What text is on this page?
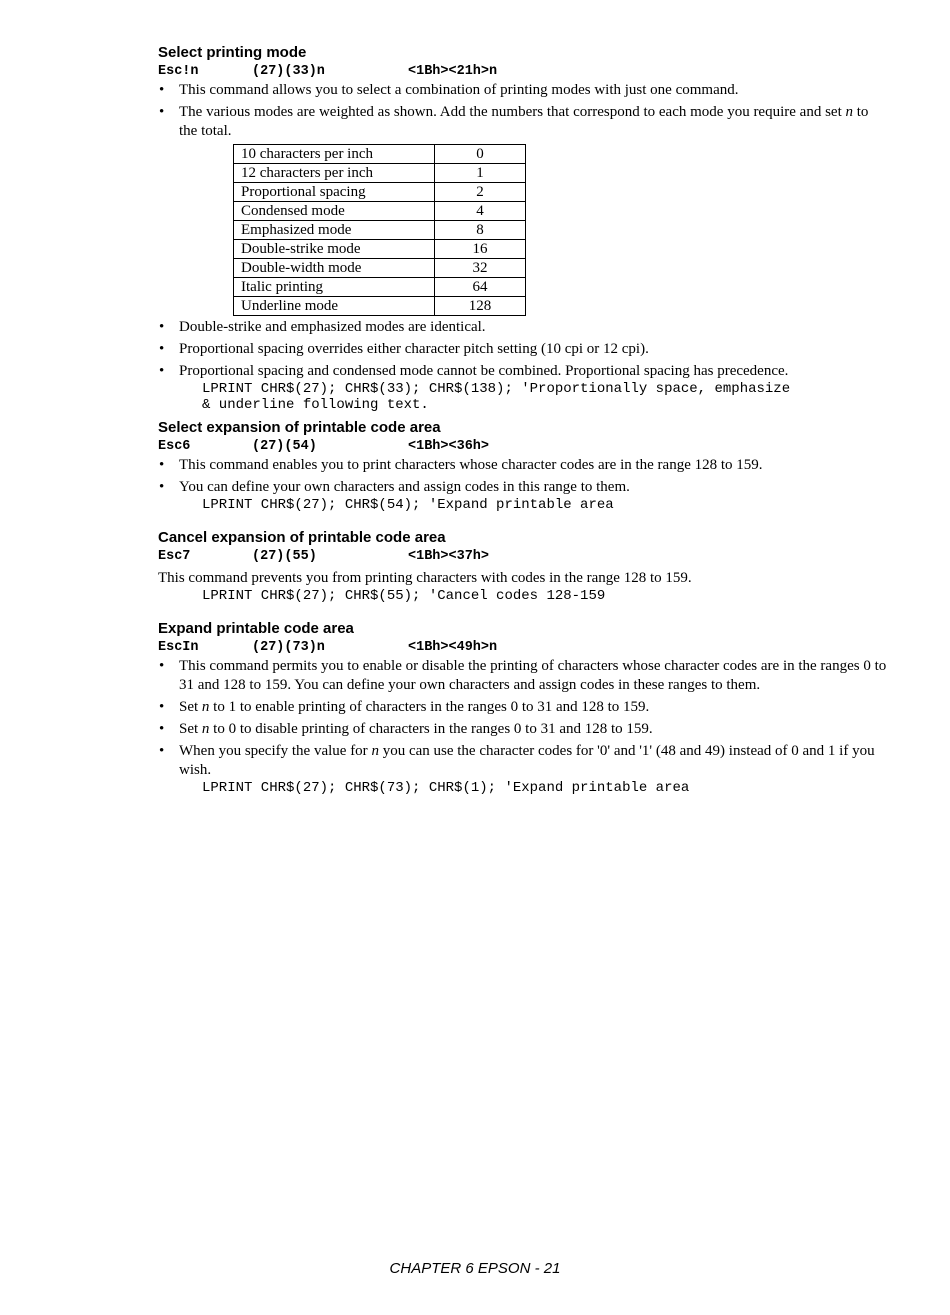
Select printing mode
Esc!n	(27)(33)n	<1Bh><21h>n
• This command allows you to select a combination of printing modes with just one command.
• The various modes are weighted as shown. Add the numbers that correspond to each mode you require and set n to the total.
10 characters per inch	0
12 characters per inch	1
Proportional spacing	2
Condensed mode	4
Emphasized mode	8
Double-strike mode	16
Double-width mode	32
Italic printing	64
Underline mode	128
• Double-strike and emphasized modes are identical.
• Proportional spacing overrides either character pitch setting (10 cpi or 12 cpi).
• Proportional spacing and condensed mode cannot be combined. Proportional spacing has precedence.
LPRINT CHR$(27); CHR$(33); CHR$(138); 'Proportionally space, emphasize
& underline following text.
Select expansion of printable code area
Esc6	(27)(54)	<1Bh><36h>
• This command enables you to print characters whose character codes are in the range 128 to 159.
• You can define your own characters and assign codes in this range to them.
LPRINT CHR$(27); CHR$(54); 'Expand printable area
Cancel expansion of printable code area
Esc7	(27)(55)	<1Bh><37h>

This command prevents you from printing characters with codes in the range 128 to 159.

LPRINT CHR$(27); CHR$(55); 'Cancel codes 128-159
Expand printable code area
EscIn	(27)(73)n	<1Bh><49h>n
• This command permits you to enable or disable the printing of characters whose character codes are in the ranges 0 to 31 and 128 to 159. You can define your own characters and assign codes in these ranges to them.
• Set n to 1 to enable printing of characters in the ranges 0 to 31 and 128 to 159.
• Set n to 0 to disable printing of characters in the ranges 0 to 31 and 128 to 159.
• When you specify the value for n you can use the character codes for '0' and '1' (48 and 49) instead of 0 and 1 if you wish.
LPRINT CHR$(27); CHR$(73); CHR$(1); 'Expand printable area
CHAPTER 6 EPSON - 21
